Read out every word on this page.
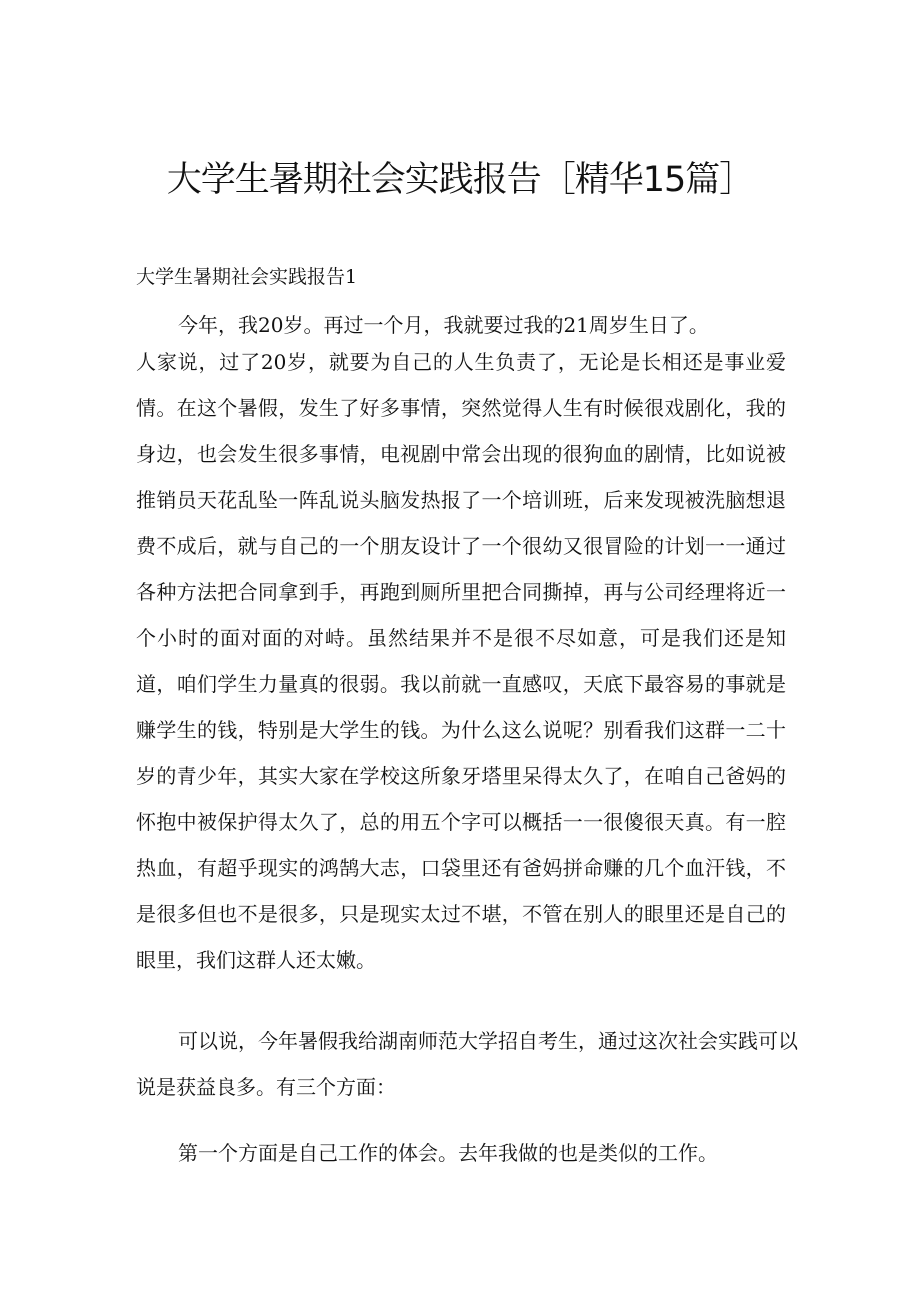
大学生暑期社会实践报告［精华15篇］

大学生暑期社会实践报告1

今年，我20岁。再过一个月，我就要过我的21周岁生日了。
人家说，过了20岁，就要为自己的人生负责了，无论是长相还是事业爱
情。在这个暑假，发生了好多事情，突然觉得人生有时候很戏剧化，我的
身边，也会发生很多事情，电视剧中常会出现的很狗血的剧情，比如说被
推销员天花乱坠一阵乱说头脑发热报了一个培训班，后来发现被洗脑想退
费不成后，就与自己的一个朋友设计了一个很幼又很冒险的计划一一通过
各种方法把合同拿到手，再跑到厕所里把合同撕掉，再与公司经理将近一
个小时的面对面的对峙。虽然结果并不是很不尽如意，可是我们还是知
道，咱们学生力量真的很弱。我以前就一直感叹，天底下最容易的事就是
赚学生的钱，特别是大学生的钱。为什么这么说呢？别看我们这群一二十
岁的青少年，其实大家在学校这所象牙塔里呆得太久了，在咱自己爸妈的
怀抱中被保护得太久了，总的用五个字可以概括一一很傻很天真。有一腔
热血，有超乎现实的鸿鹄大志，口袋里还有爸妈拼命赚的几个血汗钱，不
是很多但也不是很多，只是现实太过不堪，不管在别人的眼里还是自己的
眼里，我们这群人还太嫩。
可以说，今年暑假我给湖南师范大学招自考生，通过这次社会实践可以
说是获益良多。有三个方面：
第一个方面是自己工作的体会。去年我做的也是类似的工作。
